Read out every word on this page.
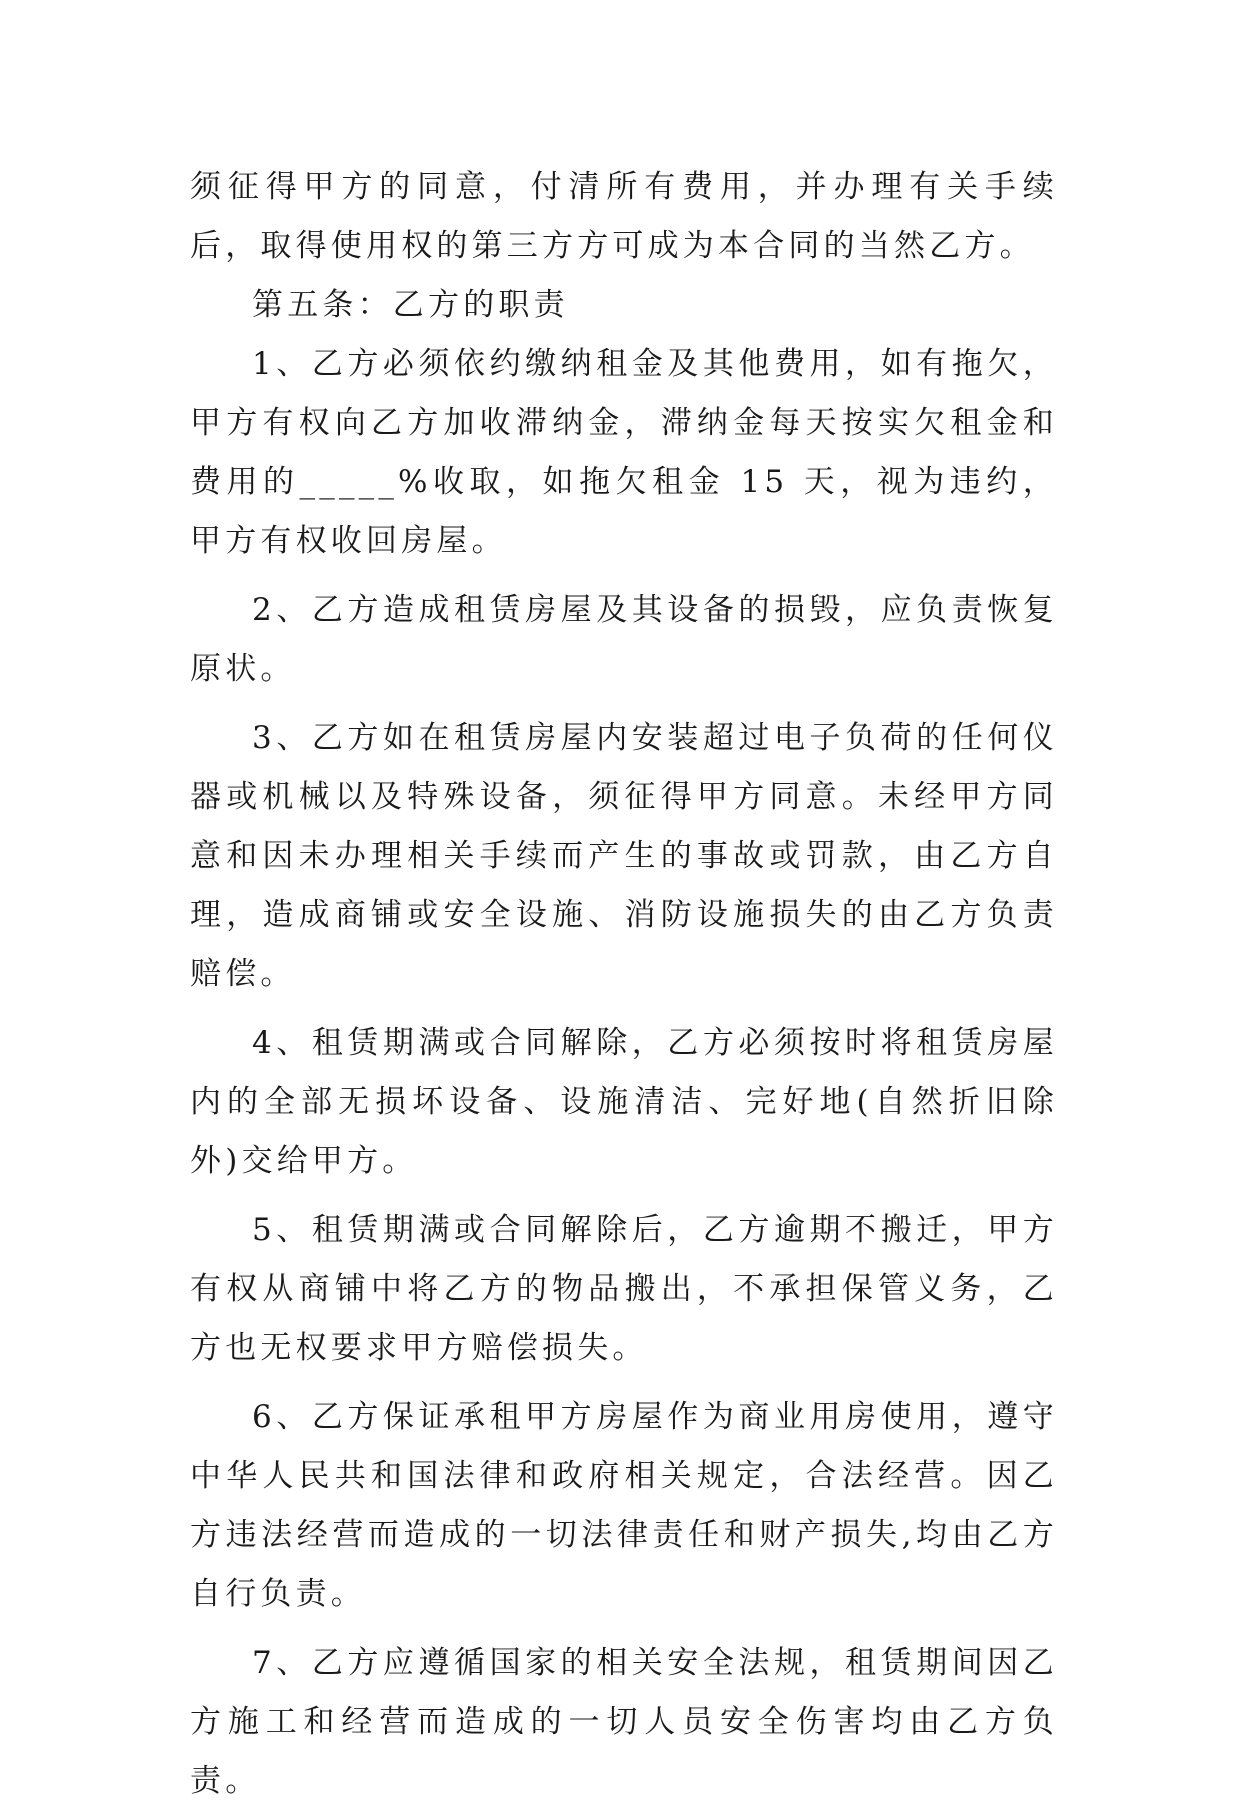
须征得甲方的同意，付清所有费用，并办理有关手续后，取得使用权的第三方方可成为本合同的当然乙方。

第五条：乙方的职责

1、乙方必须依约缴纳租金及其他费用，如有拖欠，甲方有权向乙方加收滞纳金，滞纳金每天按实欠租金和费用的_____%收取，如拖欠租金 15 天，视为违约，甲方有权收回房屋。

2、乙方造成租赁房屋及其设备的损毁，应负责恢复原状。

3、乙方如在租赁房屋内安装超过电子负荷的任何仪器或机械以及特殊设备，须征得甲方同意。未经甲方同意和因未办理相关手续而产生的事故或罚款，由乙方自理，造成商铺或安全设施、消防设施损失的由乙方负责赔偿。

4、租赁期满或合同解除，乙方必须按时将租赁房屋内的全部无损坏设备、设施清洁、完好地(自然折旧除外)交给甲方。

5、租赁期满或合同解除后，乙方逾期不搬迁，甲方有权从商铺中将乙方的物品搬出，不承担保管义务，乙方也无权要求甲方赔偿损失。

6、乙方保证承租甲方房屋作为商业用房使用，遵守中华人民共和国法律和政府相关规定，合法经营。因乙方违法经营而造成的一切法律责任和财产损失,均由乙方自行负责。

7、乙方应遵循国家的相关安全法规，租赁期间因乙方施工和经营而造成的一切人员安全伤害均由乙方负责。
